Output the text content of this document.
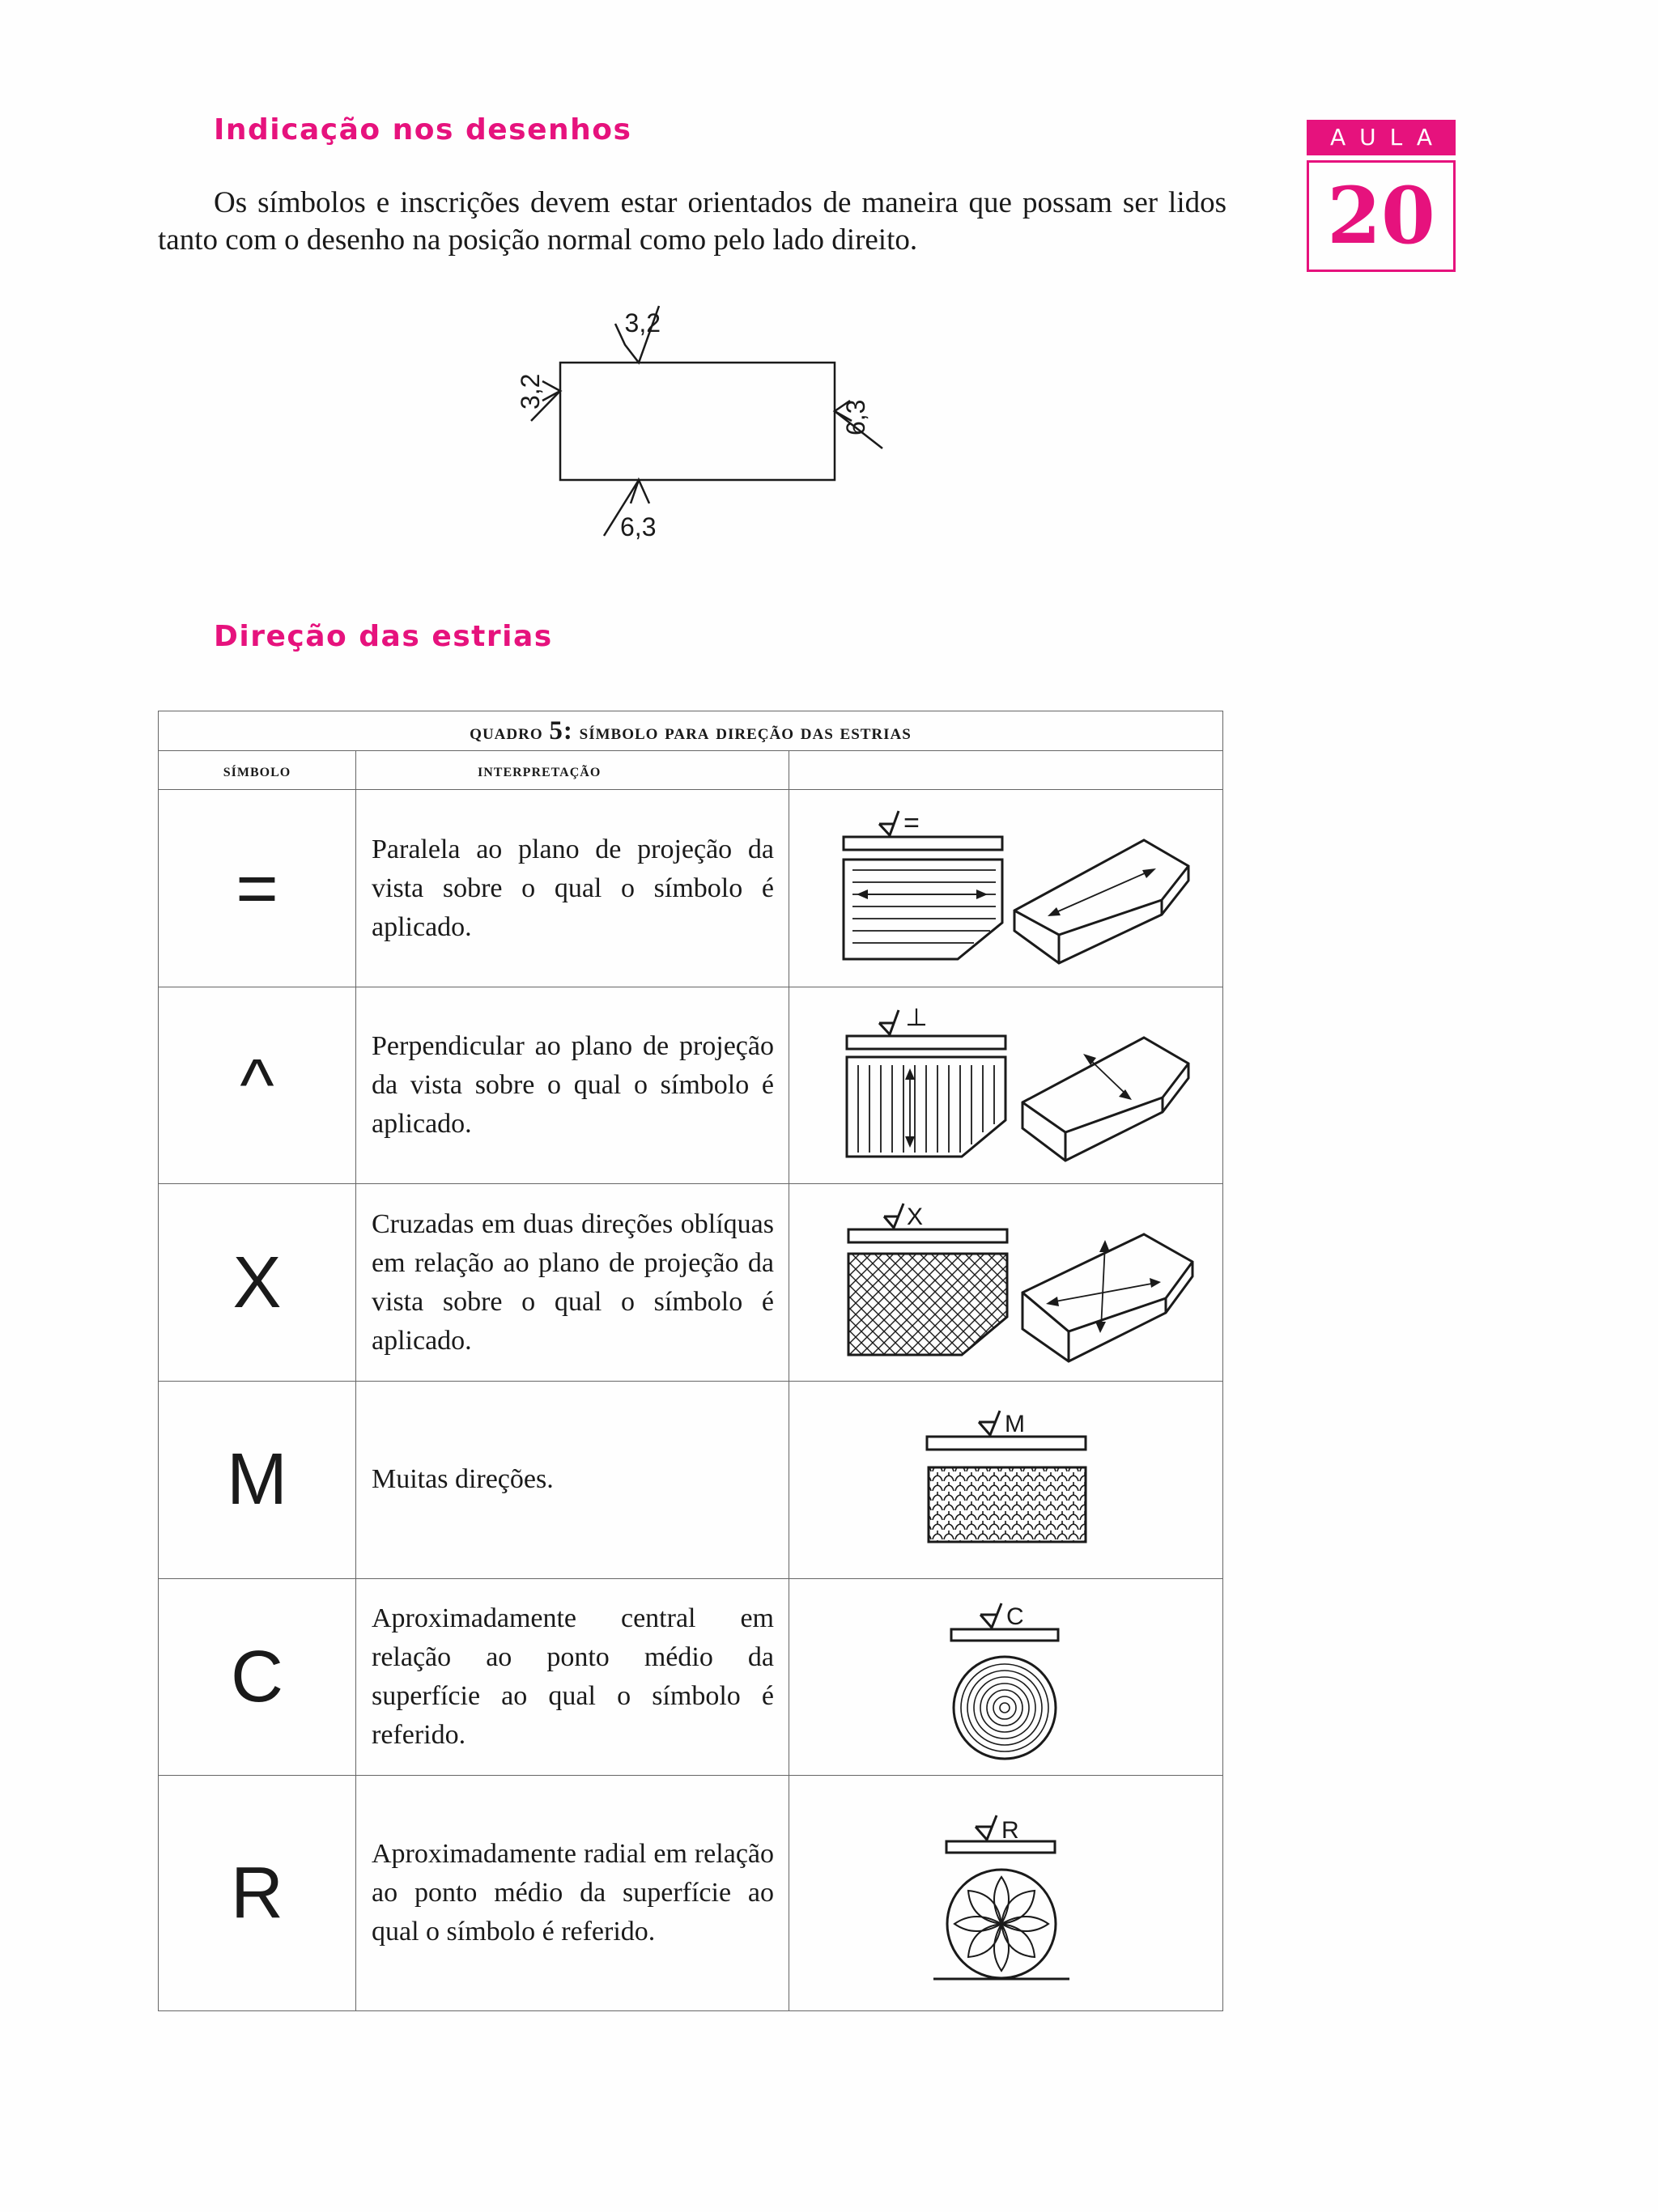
Indicação nos desenhos	AULA
20

Os símbolos e inscrições devem estar orientados de maneira que possam ser lidos tanto com o desenho na posição normal como pelo lado direito.

3,2
6,3
3,2
6,3
Direção das estrias
quadro 5: símbolo para direção das estrias		
símbolo	interpretação	
=	Paralela ao plano de projeção da vista sobre o qual o símbolo é aplicado.	=

^	Perpendicular ao plano de projeção da vista sobre o qual o símbolo é aplicado.	

X	Cruzadas em duas direções oblíquas em relação ao plano de projeção da vista sobre o qual o símbolo é aplicado.	X

M	Muitas direções.	M

C	Aproximadamente central em relação ao ponto médio da superfície ao qual o símbolo é referido.	C

R	Aproximadamente radial em relação ao ponto médio da superfície ao qual o símbolo é referido.	R
